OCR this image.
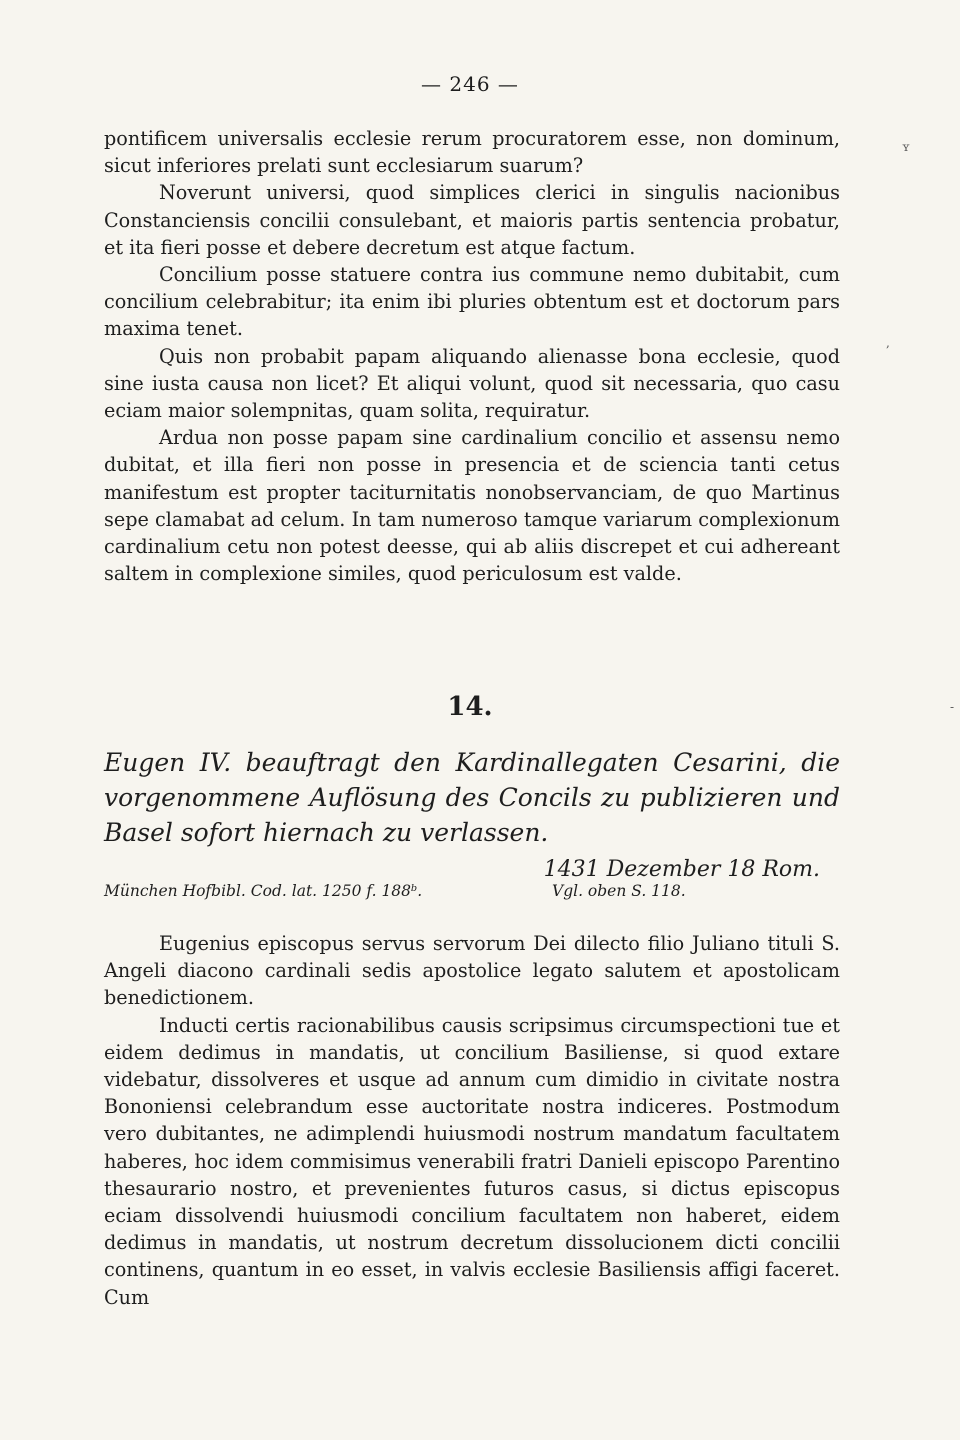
— 246 —

pontificem universalis ecclesie rerum procuratorem esse, non dominum, sicut inferiores prelati sunt ecclesiarum suarum?

Noverunt universi, quod simplices clerici in singulis nacionibus Constanciensis concilii consulebant, et maioris partis sentencia probatur, et ita fieri posse et debere decretum est atque factum.

Concilium posse statuere contra ius commune nemo dubitabit, cum concilium celebrabitur; ita enim ibi pluries obtentum est et doctorum pars maxima tenet.

Quis non probabit papam aliquando alienasse bona ecclesie, quod sine iusta causa non licet? Et aliqui volunt, quod sit necessaria, quo casu eciam maior solempnitas, quam solita, requiratur.

Ardua non posse papam sine cardinalium concilio et assensu nemo dubitat, et illa fieri non posse in presencia et de sciencia tanti cetus manifestum est propter taciturnitatis nonobservanciam, de quo Martinus sepe clamabat ad celum. In tam numeroso tamque variarum complexionum cardinalium cetu non potest deesse, qui ab aliis discrepet et cui adhereant saltem in complexione similes, quod periculosum est valde.

14.
Eugen IV. beauftragt den Kardinallegaten Cesarini, die vorgenommene Auflösung des Concils zu publizieren und Basel sofort hiernach zu verlassen.
1431 Dezember 18 Rom.
München Hofbibl. Cod. lat. 1250 f. 188ᵇ.	Vgl. oben S. 118.

Eugenius episcopus servus servorum Dei dilecto filio Juliano tituli S. Angeli diacono cardinali sedis apostolice legato salutem et apostolicam benedictionem.

Inducti certis racionabilibus causis scripsimus circumspectioni tue et eidem dedimus in mandatis, ut concilium Basiliense, si quod extare videbatur, dissolveres et usque ad annum cum dimidio in civitate nostra Bononiensi celebrandum esse auctoritate nostra indiceres. Postmodum vero dubitantes, ne adimplendi huiusmodi nostrum mandatum facultatem haberes, hoc idem commisimus venerabili fratri Danieli episcopo Parentino thesaurario nostro, et prevenientes futuros casus, si dictus episcopus eciam dissolvendi huiusmodi concilium facultatem non haberet, eidem dedimus in mandatis, ut nostrum decretum dissolucionem dicti concilii continens, quantum in eo esset, in valvis ecclesie Basiliensis affigi faceret. Cum

ʏ
,
-
